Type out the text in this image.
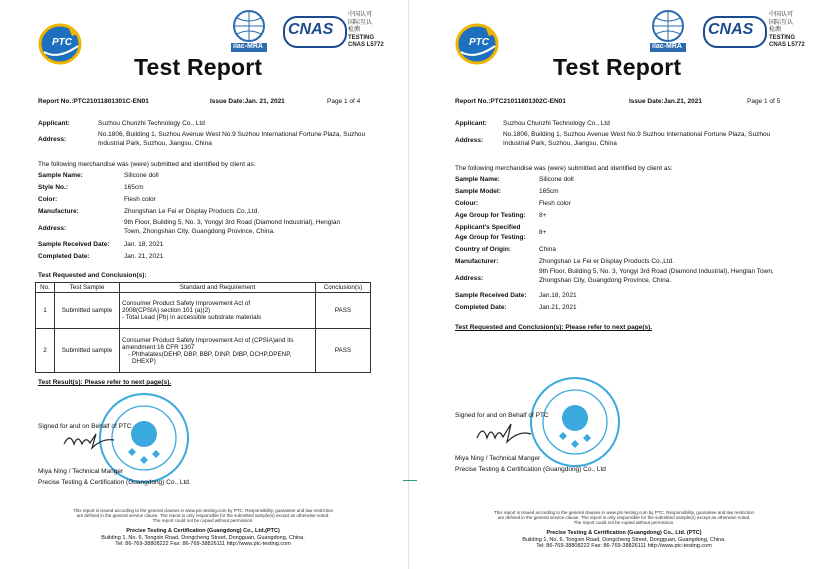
PTC
Test Report
ilac-MRA
CNAS
中国认可
国际互认
检测
TESTING
CNAS L5772
Report No.:PTC21011801301C-EN01	Issue Date:Jan. 21, 2021	Page 1 of 4
Applicant:	Suzhou Chunzhi Technology Co., Ltd
Address:
No.1806, Building 1, Suzhou Avenue West No.9 Suzhou International Fortune Plaza, Suzhou
Industrial Park, Suzhou, Jiangsu, China
The following merchandise was (were) submitted and identified by client as:
Sample Name:	Silicone doll
Style No.:	165cm
Color:	Flesh color
Manufacture:	Zhongshan Le Fei er Display Products Co.,Ltd.
Address:
9th Floor, Building 5, No. 3, Yongyi 3rd Road (Diamond Industrial), Henglan
Town, Zhongshan City, Guangdong Province, China.
Sample Received Date: Jan. 18, 2021
Completed Date:	Jan. 21, 2021
Test Requested and Conclusion(s):
No.	Test Sample	Standard and Requirement	Conclusion(s)
1	Submitted sample	Consumer Product Safety Improvement Act of
2008(CPSIA) section 101 (a)(2)
- Total Lead (Pb) in accessible substrate materials	PASS
2	Submitted sample	Consumer Product Safety Improvement Act of (CPSIA)and its
amendment 16 CFR 1307
- Phthalates(DEHP, DBP, BBP, DINP, DIBP, DCHP,DPENP,
DHEXP)	PASS
Test Result(s): Please refer to next page(s).
Signed for and on Behalf of PTC
Miya Ning / Technical Manger
Precise Testing & Certification (Guangdong) Co., Ltd.
This report is issued according to the general clauses in www.ptc-testing.com by PTC. Responsibility, guarantee and law restriction
are defined in the general service clause. The report is only responsible for the submitted sample(s) except as otherwise noted.
The report could not be copied without permission.
Precise Testing & Certification (Guangdong) Co., Ltd.(PTC)
Building 1, No. 6, Tongxin Road, Dongcheng Street, Dongguan, Guangdong, China.
Tel: 86-769-38808222 Fax: 86-769-38826111 http://www.ptc-testing.com
PTC
Test Report
ilac-MRA
CNAS
中国认可
国际互认
检测
TESTING
CNAS L5772
Report No.:PTC21011801302C-EN01	Issue Date:Jan.21, 2021	Page 1 of 5
Applicant: Suzhou Chunzhi Technology Co., Ltd
Address:
No.1806, Building 1, Suzhou Avenue West No.9 Suzhou International Fortune Plaza, Suzhou
Industrial Park, Suzhou, Jiangsu, China
The following merchandise was (were) submitted and identified by client as:
Sample Name:	Silicone doll
Sample Model:	165cm
Colour:	Flesh color
Age Group for Testing: 8+
Applicant's Specified
Age Group for Testing:
8+
Country of Origin:	China
Manufacturer:	Zhongshan Le Fei er Display Products Co.,Ltd.
Address:
9th Floor, Building 5, No. 3, Yongyi 3rd Road (Diamond Industrial), Henglan Town,
Zhongshan City, Guangdong Province, China.
Sample Received Date: Jan.18, 2021
Completed Date:	Jan.21, 2021
Test Requested and Conclusion(s): Please refer to next page(s).
Signed for and on Behalf of PTC
Miya Ning / Technical Manger
Precise Testing & Certification (Guangdong) Co., Ltd
This report is issued according to the general clauses in www.ptc-testing.com by PTC. Responsibility, guarantee and law restriction
are defined in the general service clause. The report is only responsible for the submitted sample(s) except as otherwise noted.
The report could not be copied without permission.
Precise Testing & Certification (Guangdong) Co., Ltd. (PTC)
Building 1, No. 6, Tongxin Road, Dongcheng Street, Dongguan, Guangdong, China.
Tel: 86-769-38808222 Fax: 86-769-38826111 http://www.ptc-testing.com
